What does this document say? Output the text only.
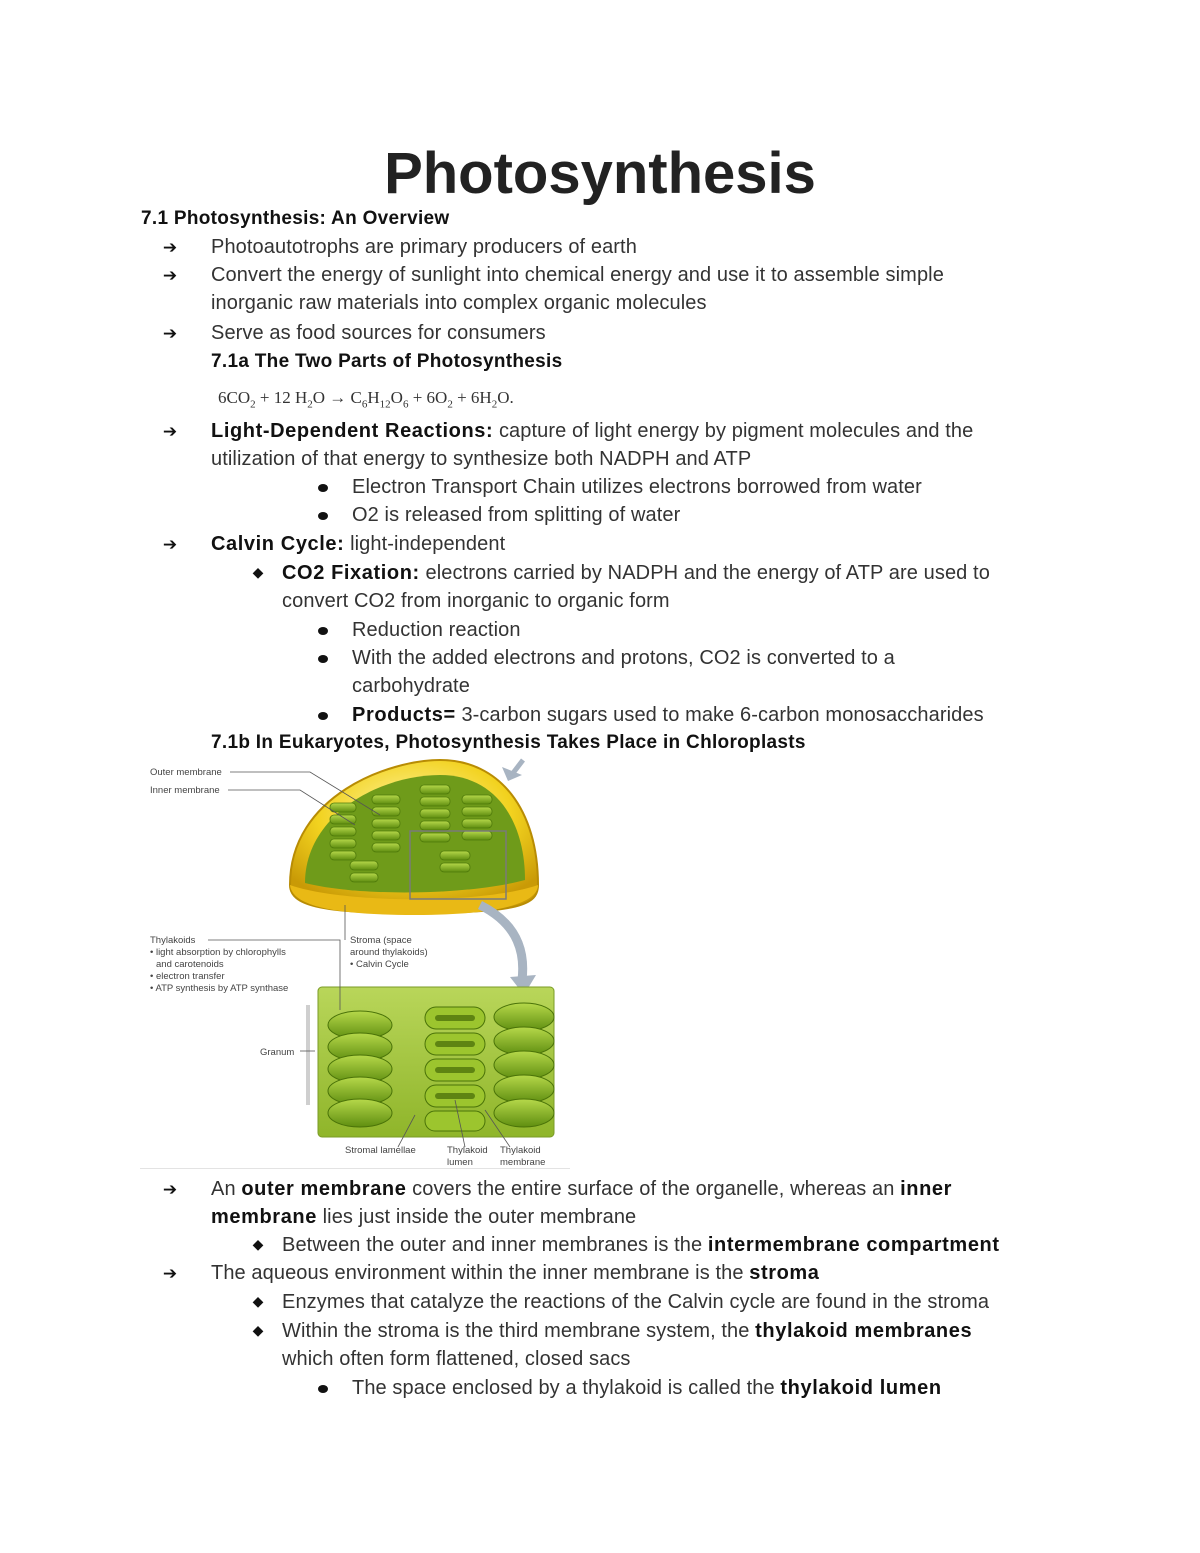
Photosynthesis
7.1 Photosynthesis: An Overview
➔ Photoautotrophs are primary producers of earth
➔ Convert the energy of sunlight into chemical energy and use it to assemble simple
inorganic raw materials into complex organic molecules
➔ Serve as food sources for consumers
7.1a The Two Parts of Photosynthesis
$6CO_2 + 12$ $H_2O \to C_6H_{12}O_6 + 6O_2 + 6H_2O$.
➔ Light-Dependent Reactions: capture of light energy by pigment molecules and the
utilization of that energy to synthesize both NADPH and ATP
Electron Transport Chain utilizes electrons borrowed from water
O2 is released from splitting of water
➔ Calvin Cycle: light-independent
◆ CO2 Fixation: electrons carried by NADPH and the energy of ATP are used to
convert CO2 from inorganic to organic form
Reduction reaction
With the added electrons and protons, CO2 is converted to a
carbohydrate
Products= 3-carbon sugars used to make 6-carbon monosaccharides
7.1b In Eukaryotes, Photosynthesis Takes Place in Chloroplasts
Outer membrane
Inner membrane
Thylakoids
• light absorption by chlorophylls
and carotenoids
• electron transfer
• ATP synthesis by ATP synthase
Stroma (space
around thylakoids)
• Calvin Cycle
Granum
Stromal lamellae	Thylakoid
lumen
Thylakoid
membrane
➔ An outer membrane covers the entire surface of the organelle, whereas an inner
membrane lies just inside the outer membrane
◆ Between the outer and inner membranes is the intermembrane compartment
➔ The aqueous environment within the inner membrane is the stroma
◆ Enzymes that catalyze the reactions of the Calvin cycle are found in the stroma
◆ Within the stroma is the third membrane system, the thylakoid membranes
which often form flattened, closed sacs
The space enclosed by a thylakoid is called the thylakoid lumen
